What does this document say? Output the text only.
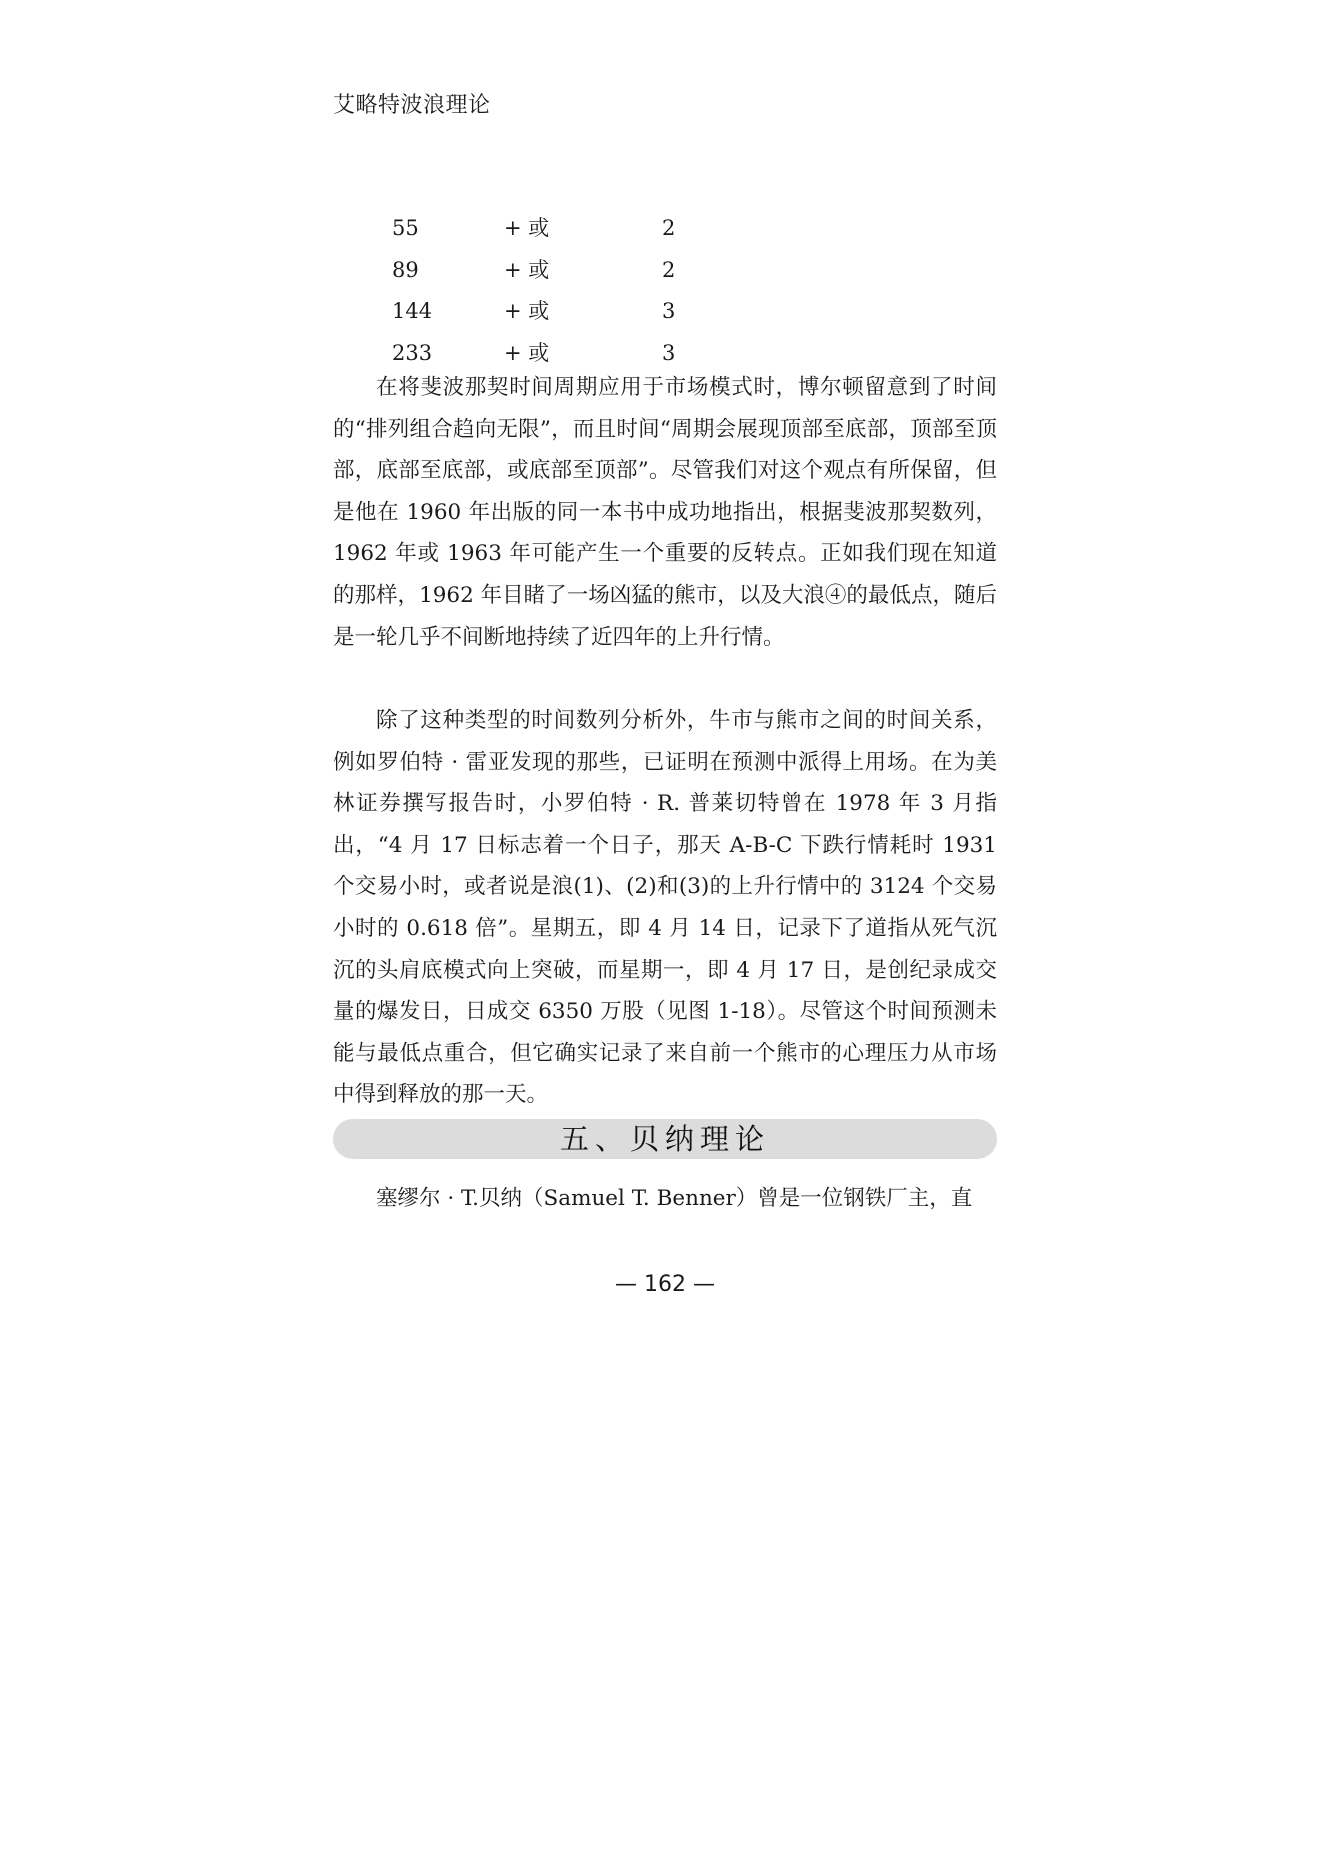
艾略特波浪理论
55	+ 或	2
89	+ 或	2
144	+ 或	3
233	+ 或	3

在将斐波那契时间周期应用于市场模式时，博尔顿留意到了时间的“排列组合趋向无限”，而且时间“周期会展现顶部至底部，顶部至顶部，底部至底部，或底部至顶部”。尽管我们对这个观点有所保留，但是他在 1960 年出版的同一本书中成功地指出，根据斐波那契数列，1962 年或 1963 年可能产生一个重要的反转点。正如我们现在知道的那样，1962 年目睹了一场凶猛的熊市，以及大浪④的最低点，随后是一轮几乎不间断地持续了近四年的上升行情。

除了这种类型的时间数列分析外，牛市与熊市之间的时间关系，例如罗伯特 · 雷亚发现的那些，已证明在预测中派得上用场。在为美林证券撰写报告时，小罗伯特 · R. 普莱切特曾在 1978 年 3 月指出，“4 月 17 日标志着一个日子，那天 A-B-C 下跌行情耗时 1931 个交易小时，或者说是浪(1)、(2)和(3)的上升行情中的 3124 个交易小时的 0.618 倍”。星期五，即 4 月 14 日，记录下了道指从死气沉沉的头肩底模式向上突破，而星期一，即 4 月 17 日，是创纪录成交量的爆发日，日成交 6350 万股（见图 1-18）。尽管这个时间预测未能与最低点重合，但它确实记录了来自前一个熊市的心理压力从市场中得到释放的那一天。

五、贝纳理论

塞缪尔 · T.贝纳（Samuel T. Benner）曾是一位钢铁厂主，直

— 162 —
